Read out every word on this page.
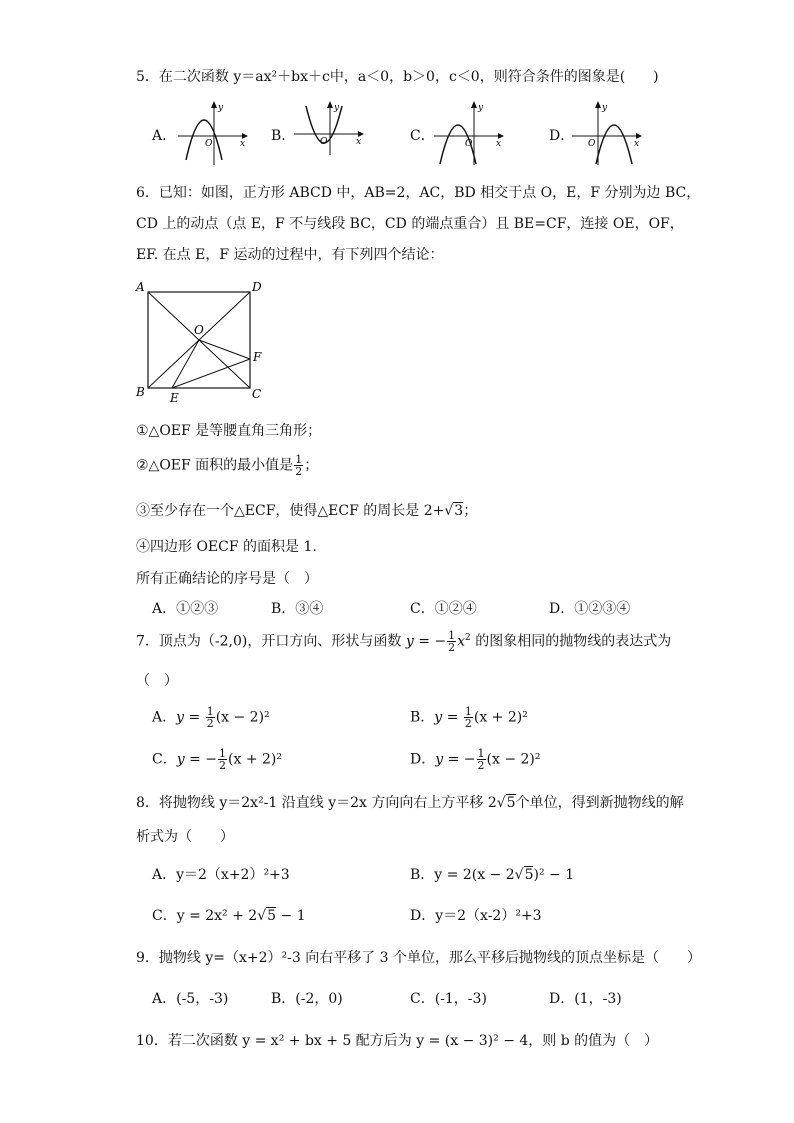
5．在二次函数 y＝ax²＋bx＋c中，a＜0，b＞0，c＜0，则符合条件的图象是(　　)
A．	B．	C．	D．
y
x
O
y
x
O
y
x
O
y
x
O
6．已知：如图，正方形 ABCD 中，AB=2，AC，BD 相交于点 O，E，F 分别为边 BC，
CD 上的动点（点 E，F 不与线段 BC，CD 的端点重合）且 BE=CF，连接 OE，OF，
EF. 在点 E，F 运动的过程中，有下列四个结论：
A	D
O
F
B	C
E
①△OEF 是等腰直角三角形；
②△OEF 面积的最小值是 $\frac{1}{2}$ ；
③至少存在一个△ECF，使得△ECF 的周长是 2+√3；
④四边形 OECF 的面积是 1.
所有正确结论的序号是（　）
A．①②③	B．③④	C．①②④	D．①②③④
7．顶点为（-2,0)，开口方向、形状与函数 y = − $\frac{1}{2} x^2$ 的图象相同的抛物线的表达式为
（　）
A．$y = \frac{1}{2} (x - 2)^2$	B．$y = \frac{1}{2} (x + 2)^2$
C．y = − $\frac{1}{2} (x + 2)^2$	D．y = − $\frac{1}{2} (x - 2)^2$
8．将抛物线 y＝2x²-1 沿直线 y＝2x 方向向右上方平移 2√5个单位，得到新抛物线的解
析式为（　　）
A．y＝2（x+2）²+3	B．y = 2(x − 2√5)² − 1
C．y = 2x² + 2√5 − 1	D．y＝2（x-2）²+3
9．抛物线 y=（x+2）²-3 向右平移了 3 个单位，那么平移后抛物线的顶点坐标是（　　）
A．(-5，-3)	B．(-2，0)	C．(-1，-3)	D．(1，-3)
10．若二次函数 y = x² + bx + 5 配方后为 y = (x − 3)² − 4，则 b 的值为（　）
